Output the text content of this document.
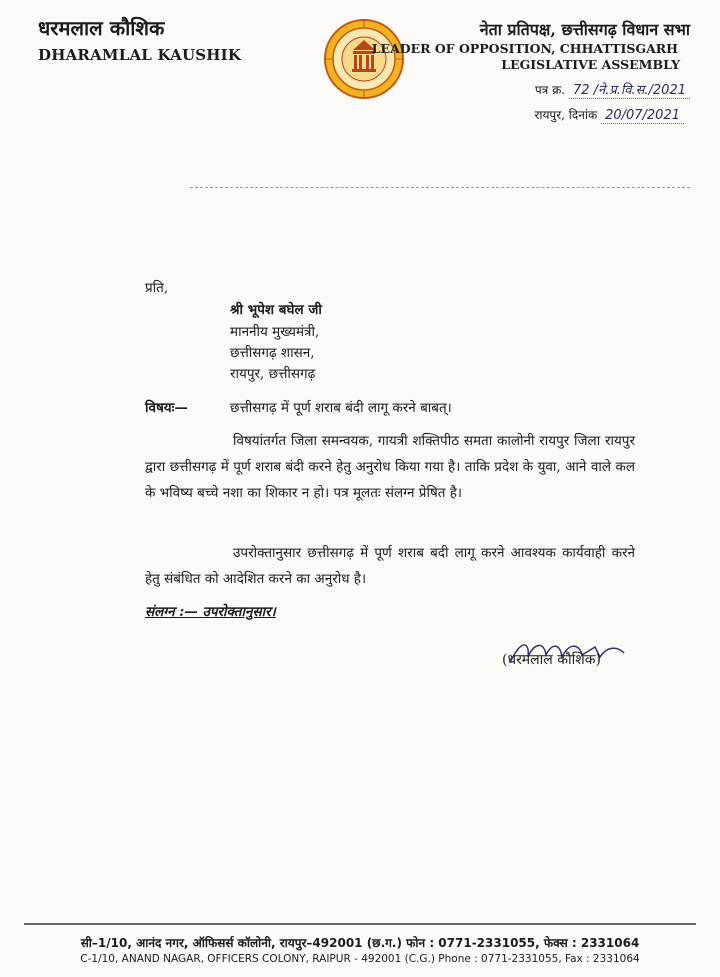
धरमलाल कौशिक
DHARAMLAL KAUSHIK
नेता प्रतिपक्ष, छत्तीसगढ़ विधान सभा
LEADER OF OPPOSITION, CHHATTISGARH
LEGISLATIVE ASSEMBLY
पत्र क्र. 72 /ने.प्र.वि.स./2021
रायपुर, दिनांक 20/07/2021
प्रति,
श्री भूपेश बघेल जी
माननीय मुख्यमंत्री,
छत्तीसगढ़ शासन,
रायपुर, छत्तीसगढ़
विषयः—	छत्तीसगढ़ में पूर्ण शराब बंदी लागू करने बाबत्।
विषयांतर्गत जिला समन्वयक, गायत्री शक्तिपीठ समता कालोनी रायपुर जिला रायपुर द्वारा छत्तीसगढ़ में पूर्ण शराब बंदी करने हेतु अनुरोध किया गया है। ताकि प्रदेश के युवा, आने वाले कल के भविष्य बच्चे नशा का शिकार न हो। पत्र मूलतः संलग्न प्रेषित है।
उपरोक्तानुसार छत्तीसगढ़ में पूर्ण शराब बदी लागू करने आवश्यक कार्यवाही करने हेतु संबंधित को आदेशित करने का अनुरोध है।
संलग्न :— उपरोक्तानुसार।
(धरमलाल कौशिक)
सी–1/10, आनंद नगर, ऑफिसर्स कॉलोनी, रायपुर–492001 (छ.ग.) फोन : 0771-2331055, फेक्स : 2331064
C-1/10, ANAND NAGAR, OFFICERS COLONY, RAIPUR - 492001 (C.G.) Phone : 0771-2331055, Fax : 2331064
